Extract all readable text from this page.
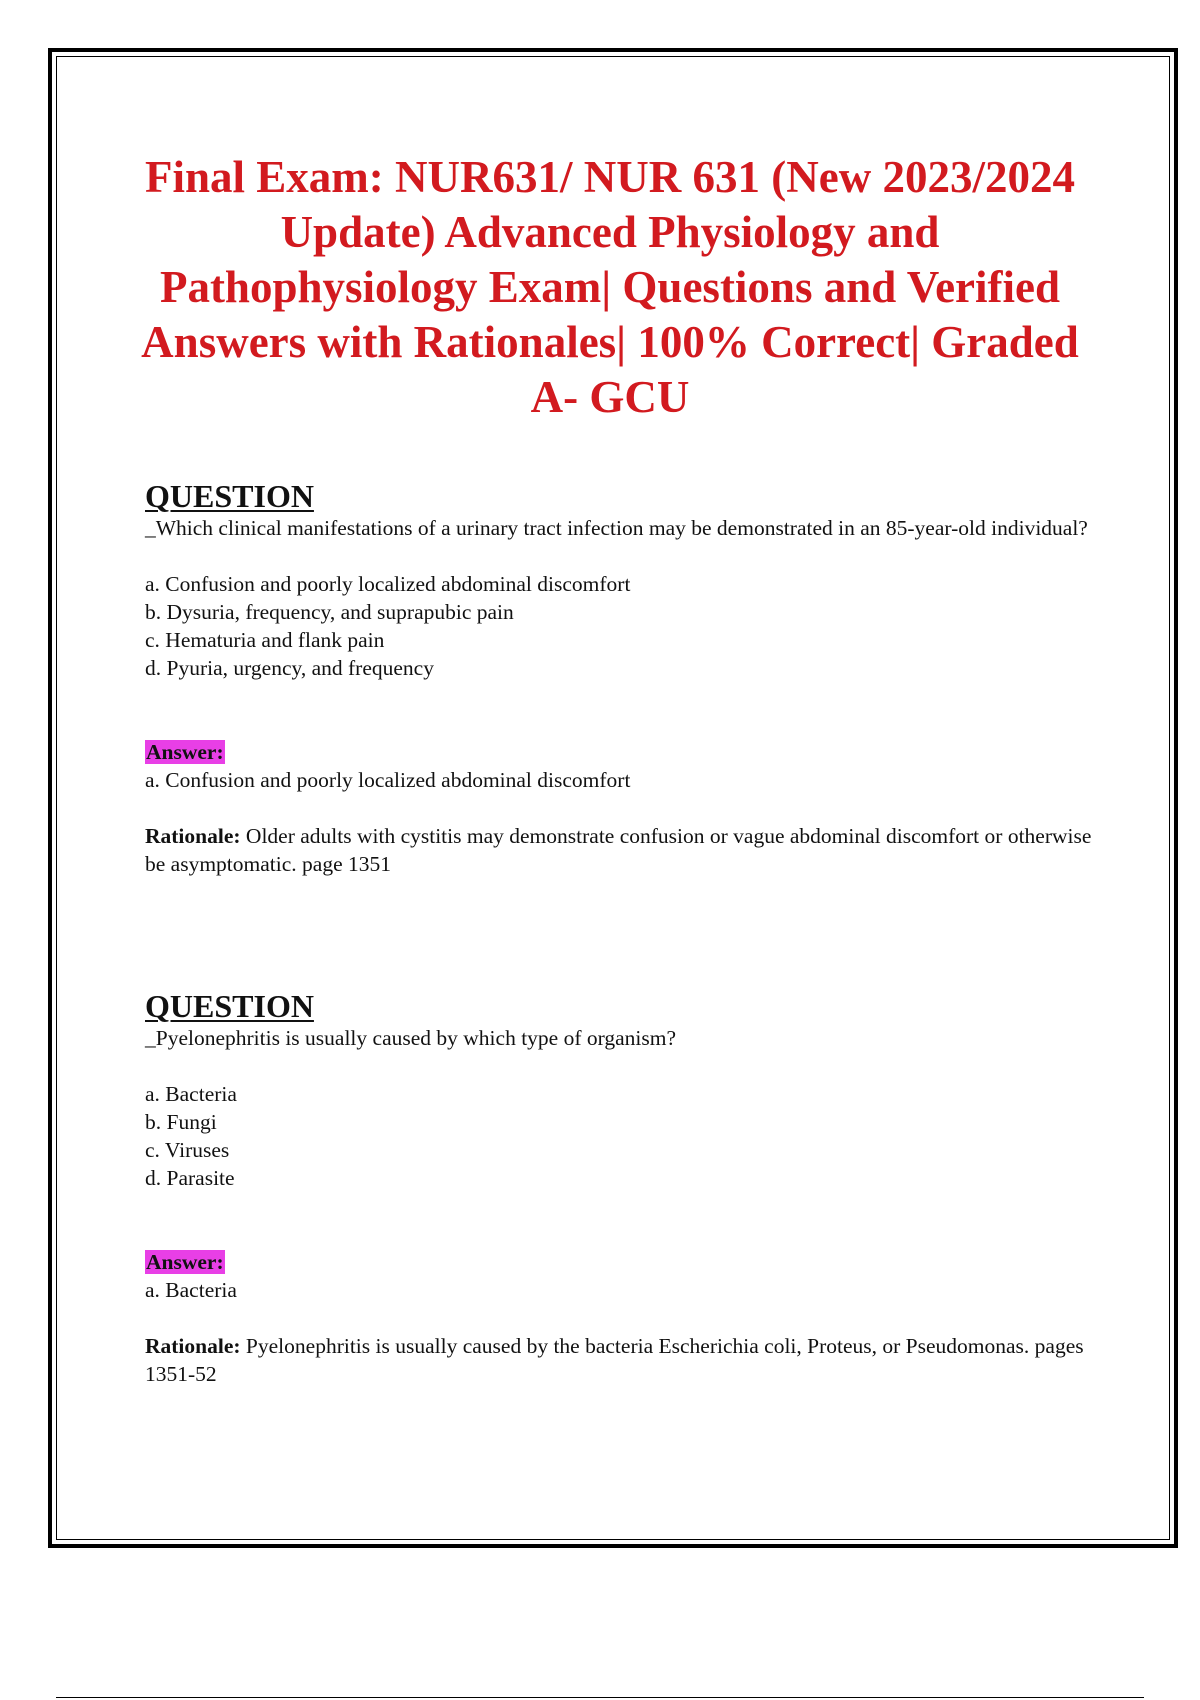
Final Exam: NUR631/ NUR 631 (New 2023/2024 Update) Advanced Physiology and Pathophysiology Exam| Questions and Verified Answers with Rationales| 100% Correct| Graded A- GCU

QUESTION

_Which clinical manifestations of a urinary tract infection may be demonstrated in an 85-year-old individual?

a. Confusion and poorly localized abdominal discomfort
b. Dysuria, frequency, and suprapubic pain
c. Hematuria and flank pain
d. Pyuria, urgency, and frequency
Answer:

a. Confusion and poorly localized abdominal discomfort

Rationale: Older adults with cystitis may demonstrate confusion or vague abdominal discomfort or otherwise be asymptomatic. page 1351

QUESTION

_Pyelonephritis is usually caused by which type of organism?

a. Bacteria
b. Fungi
c. Viruses
d. Parasite
Answer:

a. Bacteria

Rationale: Pyelonephritis is usually caused by the bacteria Escherichia coli, Proteus, or Pseudomonas. pages 1351-52
